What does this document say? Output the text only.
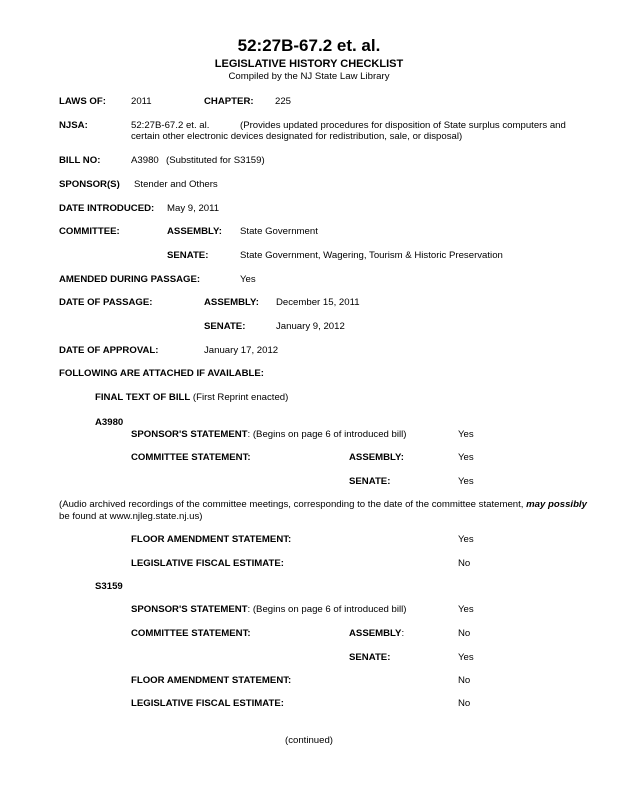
52:27B-67.2 et. al.
LEGISLATIVE HISTORY CHECKLIST
Compiled by the NJ State Law Library
LAWS OF:	2011	CHAPTER: 225
NJSA:	52:27B-67.2 et. al.	(Provides updated procedures for disposition of State surplus computers and
certain other electronic devices designated for redistribution, sale, or disposal)
BILL NO:	A3980 (Substituted for S3159)
SPONSOR(S) Stender and Others
DATE INTRODUCED: May 9, 2011
COMMITTEE:	ASSEMBLY: State Government
SENATE:	State Government, Wagering, Tourism & Historic Preservation
AMENDED DURING PASSAGE:	Yes
DATE OF PASSAGE:	ASSEMBLY: December 15, 2011
SENATE:	January 9, 2012
DATE OF APPROVAL:	January 17, 2012
FOLLOWING ARE ATTACHED IF AVAILABLE:
FINAL TEXT OF BILL (First Reprint enacted)
A3980
SPONSOR'S STATEMENT: (Begins on page 6 of introduced bill)	Yes
COMMITTEE STATEMENT:	ASSEMBLY:	Yes
SENATE:	Yes
(Audio archived recordings of the committee meetings, corresponding to the date of the committee statement, may possibly
be found at www.njleg.state.nj.us)
FLOOR AMENDMENT STATEMENT:	Yes
LEGISLATIVE FISCAL ESTIMATE:	No
S3159
SPONSOR'S STATEMENT: (Begins on page 6 of introduced bill)	Yes
COMMITTEE STATEMENT:	ASSEMBLY:	No
SENATE:	Yes
FLOOR AMENDMENT STATEMENT:	No
LEGISLATIVE FISCAL ESTIMATE:	No
(continued)
